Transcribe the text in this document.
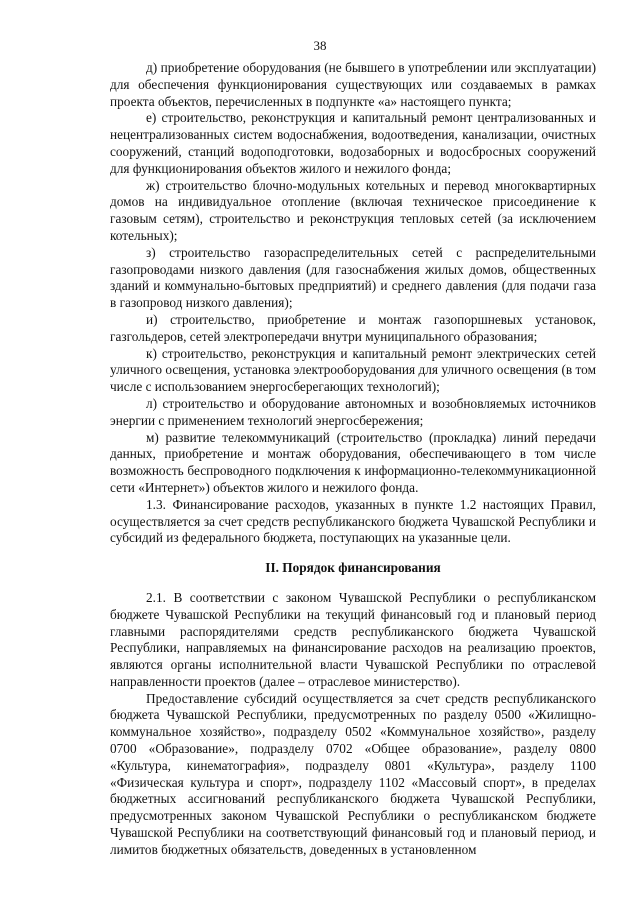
38

д) приобретение оборудования (не бывшего в употреблении или эксплуатации) для обеспечения функционирования существующих или создаваемых в рамках проекта объектов, перечисленных в подпункте «а» настоящего пункта;

е) строительство, реконструкция и капитальный ремонт централизованных и нецентрализованных систем водоснабжения, водоотведения, канализации, очистных сооружений, станций водоподготовки, водозаборных и водосбросных сооружений для функционирования объектов жилого и нежилого фонда;

ж) строительство блочно-модульных котельных и перевод многоквартирных домов на индивидуальное отопление (включая техническое присоединение к газовым сетям), строительство и реконструкция тепловых сетей (за исключением котельных);

з) строительство газораспределительных сетей с распределительными газопроводами низкого давления (для газоснабжения жилых домов, общественных зданий и коммунально-бытовых предприятий) и среднего давления (для подачи газа в газопровод низкого давления);

и) строительство, приобретение и монтаж газопоршневых установок, газгольдеров, сетей электропередачи внутри муниципального образования;

к) строительство, реконструкция и капитальный ремонт электрических сетей уличного освещения, установка электрооборудования для уличного освещения (в том числе с использованием энергосберегающих технологий);

л) строительство и оборудование автономных и возобновляемых источников энергии с применением технологий энергосбережения;

м) развитие телекоммуникаций (строительство (прокладка) линий передачи данных, приобретение и монтаж оборудования, обеспечивающего в том числе возможность беспроводного подключения к информационно-телекоммуникационной сети «Интернет») объектов жилого и нежилого фонда.

1.3. Финансирование расходов, указанных в пункте 1.2 настоящих Правил, осуществляется за счет средств республиканского бюджета Чувашской Республики и субсидий из федерального бюджета, поступающих на указанные цели.

II. Порядок финансирования

2.1. В соответствии с законом Чувашской Республики о республиканском бюджете Чувашской Республики на текущий финансовый год и плановый период главными распорядителями средств республиканского бюджета Чувашской Республики, направляемых на финансирование расходов на реализацию проектов, являются органы исполнительной власти Чувашской Республики по отраслевой направленности проектов (далее – отраслевое министерство).

Предоставление субсидий осуществляется за счет средств республиканского бюджета Чувашской Республики, предусмотренных по разделу 0500 «Жилищно-коммунальное хозяйство», подразделу 0502 «Коммунальное хозяйство», разделу 0700 «Образование», подразделу 0702 «Общее образование», разделу 0800 «Культура, кинематография», подразделу 0801 «Культура», разделу 1100 «Физическая культура и спорт», подразделу 1102 «Массовый спорт», в пределах бюджетных ассигнований республиканского бюджета Чувашской Республики, предусмотренных законом Чувашской Республики о республиканском бюджете Чувашской Республики на соответствующий финансовый год и плановый период, и лимитов бюджетных обязательств, доведенных в установленном
